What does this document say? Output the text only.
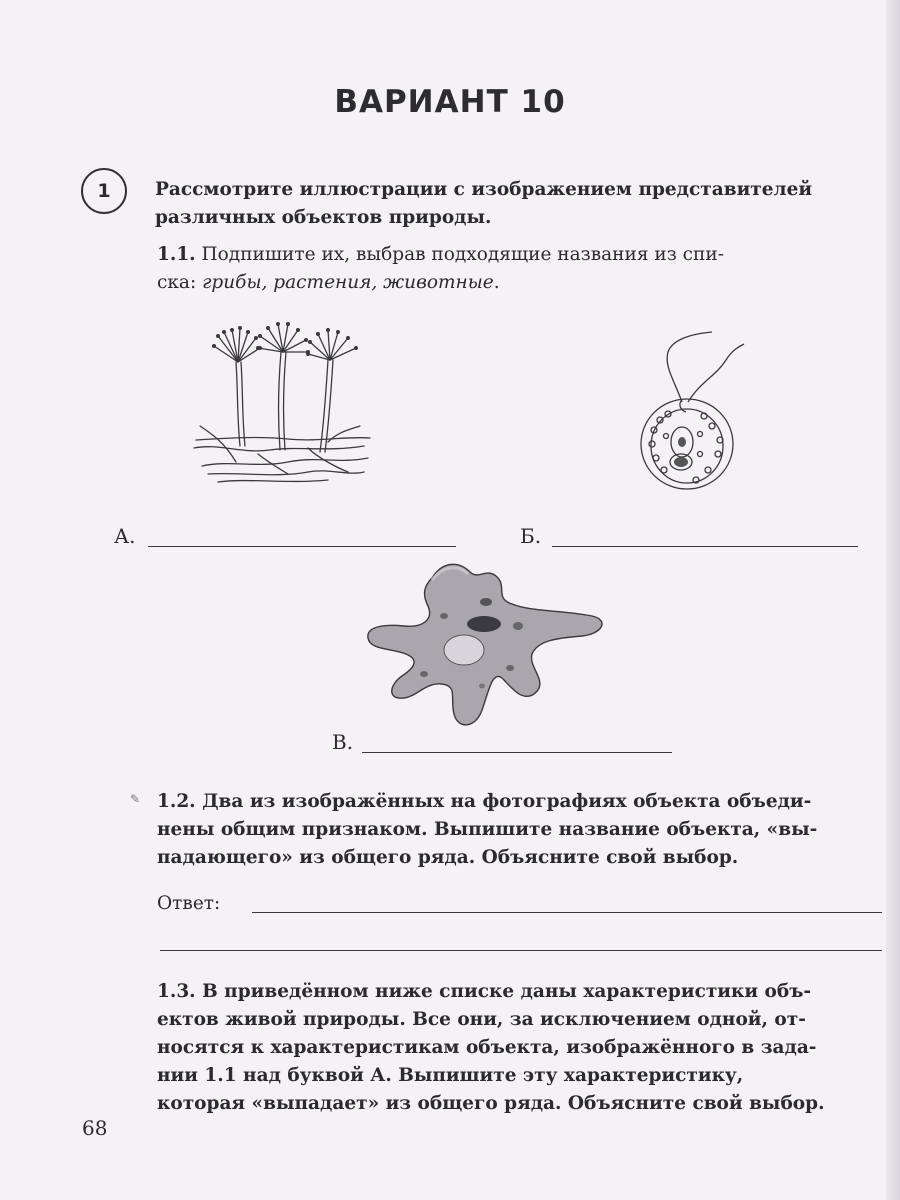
ВАРИАНТ 10
1	Рассмотрите иллюстрации с изображением представителей
различных объектов природы.
1.1. Подпишите их, выбрав подходящие названия из спи-
ска: грибы, растения, животные.
А.	Б.
В.
✎ 1.2. Два из изображённых на фотографиях объекта объеди-
нены общим признаком. Выпишите название объекта, «вы-
падающего» из общего ряда. Объясните свой выбор.
Ответ:
1.3. В приведённом ниже списке даны характеристики объ-
ектов живой природы. Все они, за исключением одной, от-
носятся к характеристикам объекта, изображённого в зада-
нии 1.1 над буквой А. Выпишите эту характеристику,
которая «выпадает» из общего ряда. Объясните свой выбор.
68
